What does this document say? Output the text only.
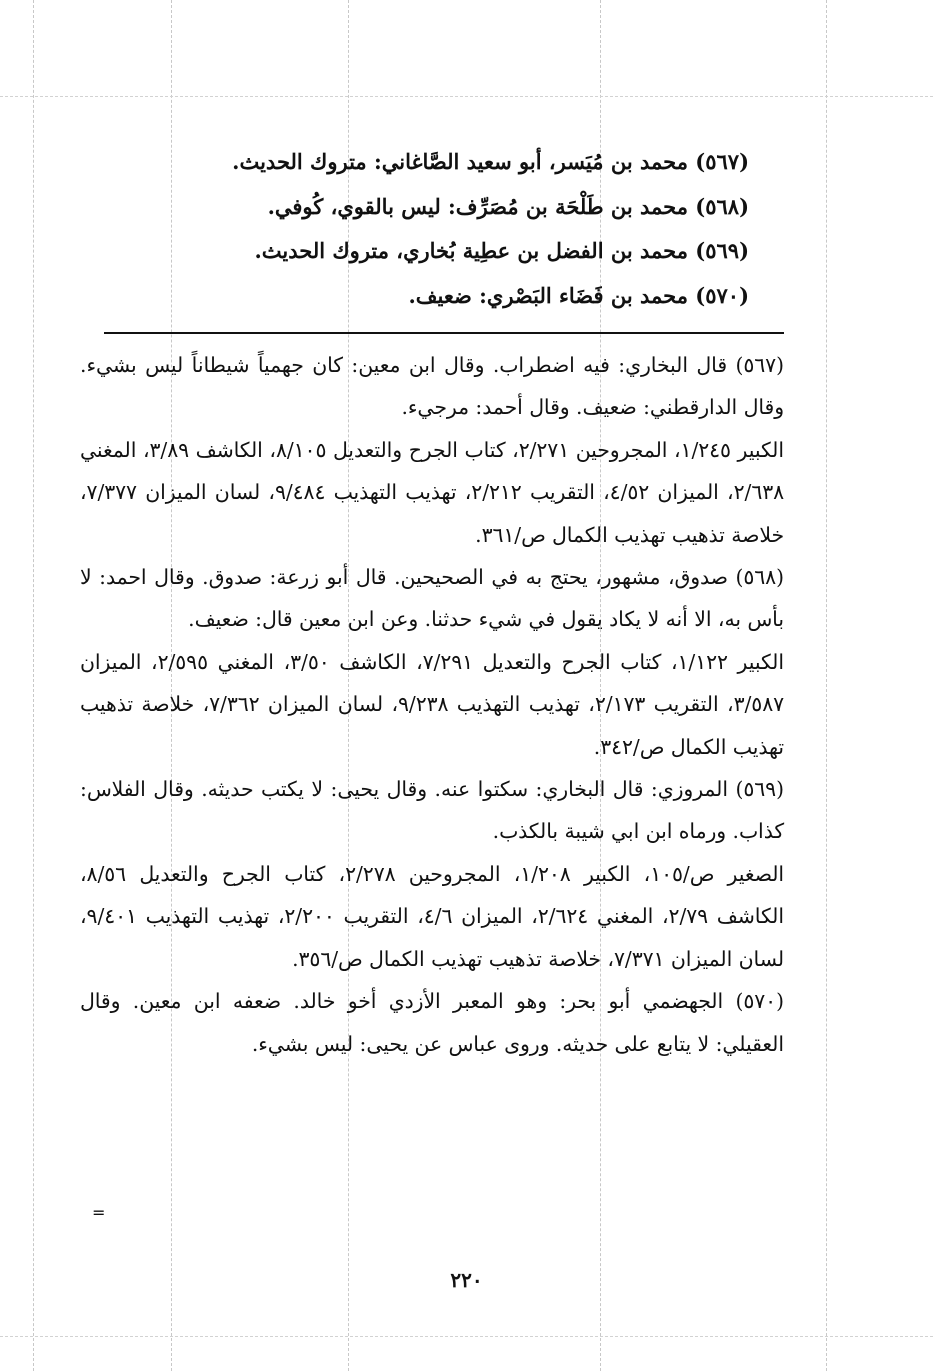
(٥٦٧) محمد بن مُيَسر، أبو سعيد الصَّاغاني: متروك الحديث.
(٥٦٨) محمد بن طَلْحَة بن مُصَرِّف: ليس بالقوي، كُوفي.
(٥٦٩) محمد بن الفضل بن عطِية بُخاري، متروك الحديث.
(٥٧٠) محمد بن فَضَاء البَصْري: ضعيف.

(٥٦٧) قال البخاري: فيه اضطراب. وقال ابن معين: كان جهمياً شيطاناً ليس بشيء. وقال الدارقطني: ضعيف. وقال أحمد: مرجيء.

الكبير ١/٢٤٥، المجروحين ٢/٢٧١، كتاب الجرح والتعديل ٨/١٠٥، الكاشف ٣/٨٩، المغني ٢/٦٣٨، الميزان ٤/٥٢، التقريب ٢/٢١٢، تهذيب التهذيب ٩/٤٨٤، لسان الميزان ٧/٣٧٧، خلاصة تذهيب تهذيب الكمال ص/٣٦١.

(٥٦٨) صدوق، مشهور، يحتج به في الصحيحين. قال أبو زرعة: صدوق. وقال احمد: لا بأس به، الا أنه لا يكاد يقول في شيء حدثنا. وعن ابن معين قال: ضعيف.

الكبير ١/١٢٢، كتاب الجرح والتعديل ٧/٢٩١، الكاشف ٣/٥٠، المغني ٢/٥٩٥، الميزان ٣/٥٨٧، التقريب ٢/١٧٣، تهذيب التهذيب ٩/٢٣٨، لسان الميزان ٧/٣٦٢، خلاصة تذهيب تهذيب الكمال ص/٣٤٢.

(٥٦٩) المروزي: قال البخاري: سكتوا عنه. وقال يحيى: لا يكتب حديثه. وقال الفلاس: كذاب. ورماه ابن ابي شيبة بالكذب.

الصغير ص/١٠٥، الكبير ١/٢٠٨، المجروحين ٢/٢٧٨، كتاب الجرح والتعديل ٨/٥٦، الكاشف ٢/٧٩، المغني ٢/٦٢٤، الميزان ٤/٦، التقريب ٢/٢٠٠، تهذيب التهذيب ٩/٤٠١، لسان الميزان ٧/٣٧١، خلاصة تذهيب تهذيب الكمال ص/٣٥٦.

(٥٧٠) الجهضمي أبو بحر: وهو المعبر الأزدي أخو خالد. ضعفه ابن معين. وقال العقيلي: لا يتابع على حديثه. وروى عباس عن يحيى: ليس بشيء.

=
٢٢٠
